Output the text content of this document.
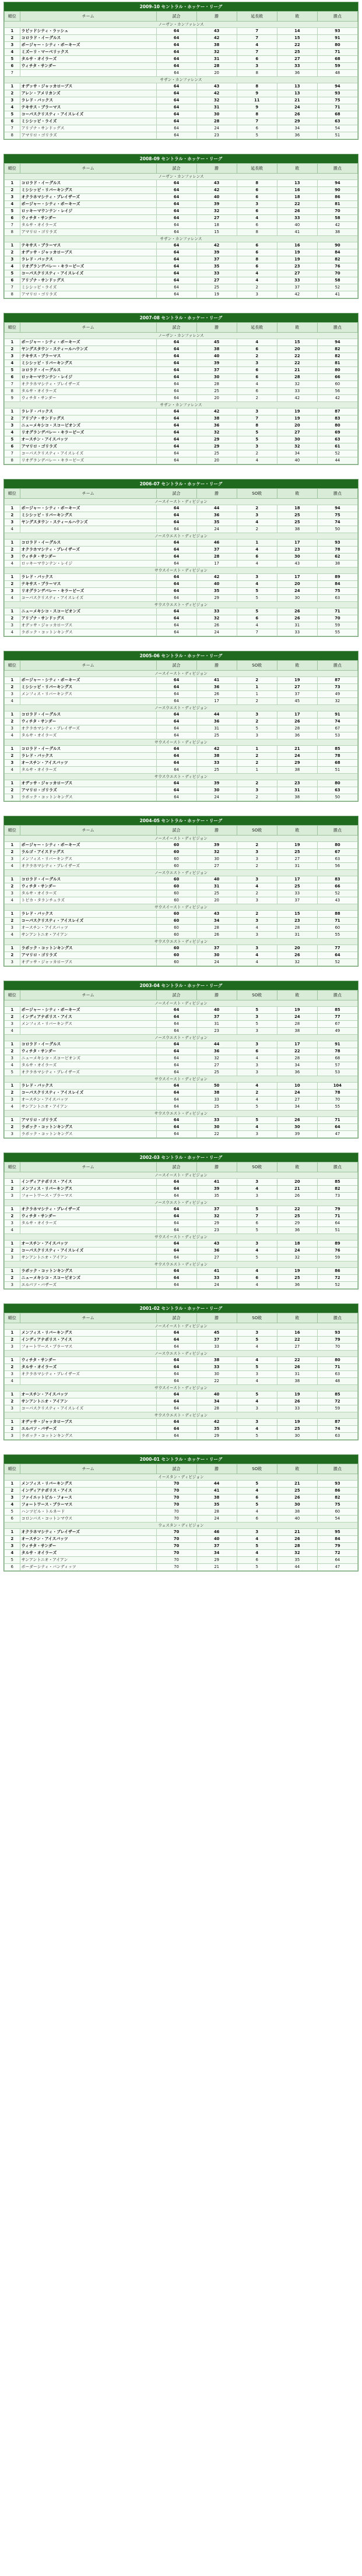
2009-10 セントラル・ホッケー・リーグ
順位	チーム	試合	勝	延長敗	敗	勝点
ノーザン・カンファレンス						
1	ラピッドシティ・ラッシュ	64	43	7	14	93
2	コロラド・イーグルス	64	42	7	15	91
3	ボージャー・シティ・ボーキーズ	64	38	4	22	80
4	ミズーリ・マーベリックス	64	32	7	25	71
5	タルサ・オイラーズ	64	31	6	27	68
6	ウィチタ・サンダー	64	28	3	33	59
7		64	20	8	36	48
サザン・カンファレンス						
1	オデッサ・ジャッカロープス	64	43	8	13	94
2	アレン・アメリカンズ	64	42	9	13	93
3	ラレド・バックス	64	32	11	21	75
4	テキサス・ブラーマス	64	31	9	24	71
5	コーパスクリスティ・アイスレイズ	64	30	8	26	68
6	ミシシッピ・ライズ	64	28	7	29	63
7	アリゾナ・サンドッグス	64	24	6	34	54
8	アマリロ・ゴリラズ	64	23	5	36	51
2008-09 セントラル・ホッケー・リーグ
順位	チーム	試合	勝	延長敗	敗	勝点
ノーザン・カンファレンス						
1	コロラド・イーグルス	64	43	8	13	94
2	ミシシッピ・リバーキングス	64	42	6	16	90
3	オクラホマシティ・ブレイザーズ	64	40	6	18	86
4	ボージャー・シティ・ボーキーズ	64	39	3	22	81
5	ロッキーマウンテン・レイジ	64	32	6	26	70
6	ウィチタ・サンダー	64	27	4	33	58
7	タルサ・オイラーズ	64	18	6	40	42
8	アマリロ・ゴリラズ	64	15	8	41	38
サザン・カンファレンス						
1	テキサス・ブラーマス	64	42	6	16	90
2	オデッサ・ジャッカロープス	64	39	6	19	84
3	ラレド・バックス	64	37	8	19	82
4	リオグランデバレー・キラービーズ	64	35	6	23	76
5	コーパスクリスティ・アイスレイズ	64	33	4	27	70
6	アリゾナ・サンドッグス	64	27	4	33	58
7	ミシシッピ・ライズ	64	25	2	37	52
8	アマリロ・ゴリラズ	64	19	3	42	41
2007-08 セントラル・ホッケー・リーグ
順位	チーム	試合	勝	延長敗	敗	勝点
ノーザン・カンファレンス						
1	ボージャー・シティ・ボーキーズ	64	45	4	15	94
2	ヤングスタウン・スティールハウンズ	64	38	6	20	82
3	テキサス・ブラーマス	64	40	2	22	82
4	ミシシッピ・リバーキングス	64	39	3	22	81
5	コロラド・イーグルス	64	37	6	21	80
6	ロッキーマウンテン・レイジ	64	30	6	28	66
7	オクラホマシティ・ブレイザーズ	64	28	4	32	60
8	タルサ・オイラーズ	64	25	6	33	56
9	ウィチタ・サンダー	64	20	2	42	42
サザン・カンファレンス						
1	ラレド・バックス	64	42	3	19	87
2	アリゾナ・サンドッグス	64	38	7	19	83
3	ニューメキシコ・スコーピオンズ	64	36	8	20	80
4	リオグランデバレー・キラービーズ	64	32	5	27	69
5	オースチン・アイスバッツ	64	29	5	30	63
6	アマリロ・ゴリラズ	64	29	3	32	61
7	コーパスクリスティ・アイスレイズ	64	25	2	34	52
8	リオグランデバレー・キラービーズ	64	20	4	40	44
2006-07 セントラル・ホッケー・リーグ
順位	チーム	試合	勝	SO敗	敗	勝点
ノースイースト・ディビジョン						
1	ボージャー・シティ・ボーキーズ	64	44	2	18	94
2	ミシシッピ・リバーキングス	64	36	3	25	75
3	ヤングスタウン・スティールハウンズ	64	35	4	25	74
4		64	24	2	38	50
ノースウエスト・ディビジョン						
1	コロラド・イーグルス	64	46	1	17	93
2	オクラホマシティ・ブレイザーズ	64	37	4	23	78
3	ウィチタ・サンダー	64	28	6	30	62
4	ロッキーマウンテン・レイジ	64	17	4	43	38
サウスイースト・ディビジョン						
1	ラレド・バックス	64	42	3	17	89
2	テキサス・ブラーマス	64	40	4	20	84
3	リオグランデバレー・キラービーズ	64	35	5	24	75
4	コーパスクリスティ・アイスレイズ	64	29	5	30	63
サウスウエスト・ディビジョン						
1	ニューメキシコ・スコーピオンズ	64	33	5	26	71
2	アリゾナ・サンドッグス	64	32	6	26	70
3	オデッサ・ジャッカロープス	64	26	4	31	59
4	ラボック・コットンキングス	64	24	7	33	55
2005-06 セントラル・ホッケー・リーグ
順位	チーム	試合	勝	SO敗	敗	勝点
ノースイースト・ディビジョン						
1	ボージャー・シティ・ボーキーズ	64	41	2	19	87
2	ミシシッピ・リバーキングス	64	36	1	27	73
3	メンフィス・リバーキングス	64	26	1	37	49
4		64	17	2	45	32
ノースウエスト・ディビジョン						
1	コロラド・イーグルス	64	44	3	17	91
2	ウィチタ・サンダー	64	36	2	26	74
3	オクラホマシティ・ブレイザーズ	64	31	5	28	67
4	タルサ・オイラーズ	64	25	3	36	53
サウスイースト・ディビジョン						
1	コロラド・イーグルス	64	42	1	21	85
2	ラレド・バックス	64	38	2	24	78
3	オースチン・アイスバッツ	64	33	2	29	68
4	タルサ・オイラーズ	64	25	1	38	51
サウスウエスト・ディビジョン						
1	オデッサ・ジャッカロープス	64	39	2	23	80
2	アマリロ・ゴリラズ	64	30	3	31	63
3	ラボック・コットンキングス	64	24	2	38	50
2004-05 セントラル・ホッケー・リーグ
順位	チーム	試合	勝	SO敗	敗	勝点
ノースイースト・ディビジョン						
1	ボージャー・シティ・ボーキーズ	60	39	2	19	80
2	ラルゴ・アイスドッグス	60	32	3	25	67
3	メンフィス・リバーキングス	60	30	3	27	63
4	オクラホマシティ・ブレイザーズ	60	27	2	31	56
ノースウエスト・ディビジョン						
1	コロラド・イーグルス	60	40	3	17	83
2	ウィチタ・サンダー	60	31	4	25	66
3	タルサ・オイラーズ	60	25	2	33	52
4	トピカ・タランチュラズ	60	20	3	37	43
サウスイースト・ディビジョン						
1	ラレド・バックス	60	43	2	15	88
2	コーパスクリスティ・アイスレイズ	60	34	3	23	71
3	オースチン・アイスバッツ	60	28	4	28	60
4	サンアントニオ・アイアン	60	26	3	31	55
サウスウエスト・ディビジョン						
1	ラボック・コットンキングス	60	37	3	20	77
2	アマリロ・ゴリラズ	60	30	4	26	64
3	オデッサ・ジャッカロープス	60	24	4	32	52
2003-04 セントラル・ホッケー・リーグ
順位	チーム	試合	勝	SO敗	敗	勝点
ノースイースト・ディビジョン						
1	ボージャー・シティ・ボーキーズ	64	40	5	19	85
2	インディアナポリス・アイス	64	37	3	24	77
3	メンフィス・リバーキングス	64	31	5	28	67
4		64	23	3	38	49
ノースウエスト・ディビジョン						
1	コロラド・イーグルス	64	44	3	17	91
2	ウィチタ・サンダー	64	36	6	22	78
3	ニューメキシコ・スコーピオンズ	64	32	4	28	68
4	タルサ・オイラーズ	64	27	3	34	57
5	オクラホマシティ・ブレイザーズ	64	25	3	36	53
サウスイースト・ディビジョン						
1	ラレド・バックス	64	50	4	10	104
2	コーパスクリスティ・アイスレイズ	64	38	2	24	78
3	オースチン・アイスバッツ	64	33	4	27	70
4	サンアントニオ・アイアン	64	25	5	34	55
サウスウエスト・ディビジョン						
1	アマリロ・ゴリラズ	64	33	5	26	71
2	ラボック・コットンキングス	64	30	4	30	64
3	ラボック・コットンキングス	64	22	3	39	47
2002-03 セントラル・ホッケー・リーグ
順位	チーム	試合	勝	SO敗	敗	勝点
ノースイースト・ディビジョン						
1	インディアナポリス・アイス	64	41	3	20	85
2	メンフィス・リバーキングス	64	39	4	21	82
3	フォートワース・ブラーマス	64	35	3	26	73
ノースウエスト・ディビジョン						
1	オクラホマシティ・ブレイザーズ	64	37	5	22	79
2	ウィチタ・サンダー	64	32	7	25	71
3	タルサ・オイラーズ	64	29	6	29	64
4		64	23	5	36	51
サウスイースト・ディビジョン						
1	オースチン・アイスバッツ	64	43	3	18	89
2	コーパスクリスティ・アイスレイズ	64	36	4	24	76
3	サンアントニオ・アイアン	64	27	5	32	59
サウスウエスト・ディビジョン						
1	ラボック・コットンキングス	64	41	4	19	86
2	ニューメキシコ・スコーピオンズ	64	33	6	25	72
3	エルパソ・バザーズ	64	24	4	36	52
2001-02 セントラル・ホッケー・リーグ
順位	チーム	試合	勝	SO敗	敗	勝点
ノースイースト・ディビジョン						
1	メンフィス・リバーキングス	64	45	3	16	93
2	インディアナポリス・アイス	64	37	5	22	79
3	フォートワース・ブラーマス	64	33	4	27	70
ノースウエスト・ディビジョン						
1	ウィチタ・サンダー	64	38	4	22	80
2	タルサ・オイラーズ	64	33	5	26	71
3	オクラホマシティ・ブレイザーズ	64	30	3	31	63
4		64	22	4	38	48
サウスイースト・ディビジョン						
1	オースチン・アイスバッツ	64	40	5	19	85
2	サンアントニオ・アイアン	64	34	4	26	72
3	コーパスクリスティ・アイスレイズ	64	28	3	33	59
サウスウエスト・ディビジョン						
1	オデッサ・ジャッカロープス	64	42	3	19	87
2	エルパソ・バザーズ	64	35	4	25	74
3	ラボック・コットンキングス	64	29	5	30	63
2000-01 セントラル・ホッケー・リーグ
順位	チーム	試合	勝	SO敗	敗	勝点
イースタン・ディビジョン						
1	メンフィス・リバーキングス	70	44	5	21	93
2	インディアナポリス・アイス	70	41	4	25	86
3	ファイエットビル・フォース	70	38	6	26	82
4	フォートワース・ブラーマス	70	35	5	30	75
5	ハンツビル・トルネード	70	28	4	38	60
6	コロンバス・コットンマウス	70	24	6	40	54
ウェスタン・ディビジョン						
1	オクラホマシティ・ブレイザーズ	70	46	3	21	95
2	オースチン・アイスバッツ	70	40	4	26	84
3	ウィチタ・サンダー	70	37	5	28	79
4	タルサ・オイラーズ	70	34	4	32	72
5	サンアントニオ・アイアン	70	29	6	35	64
6	ボーダーシティ・バンディッツ	70	21	5	44	47
